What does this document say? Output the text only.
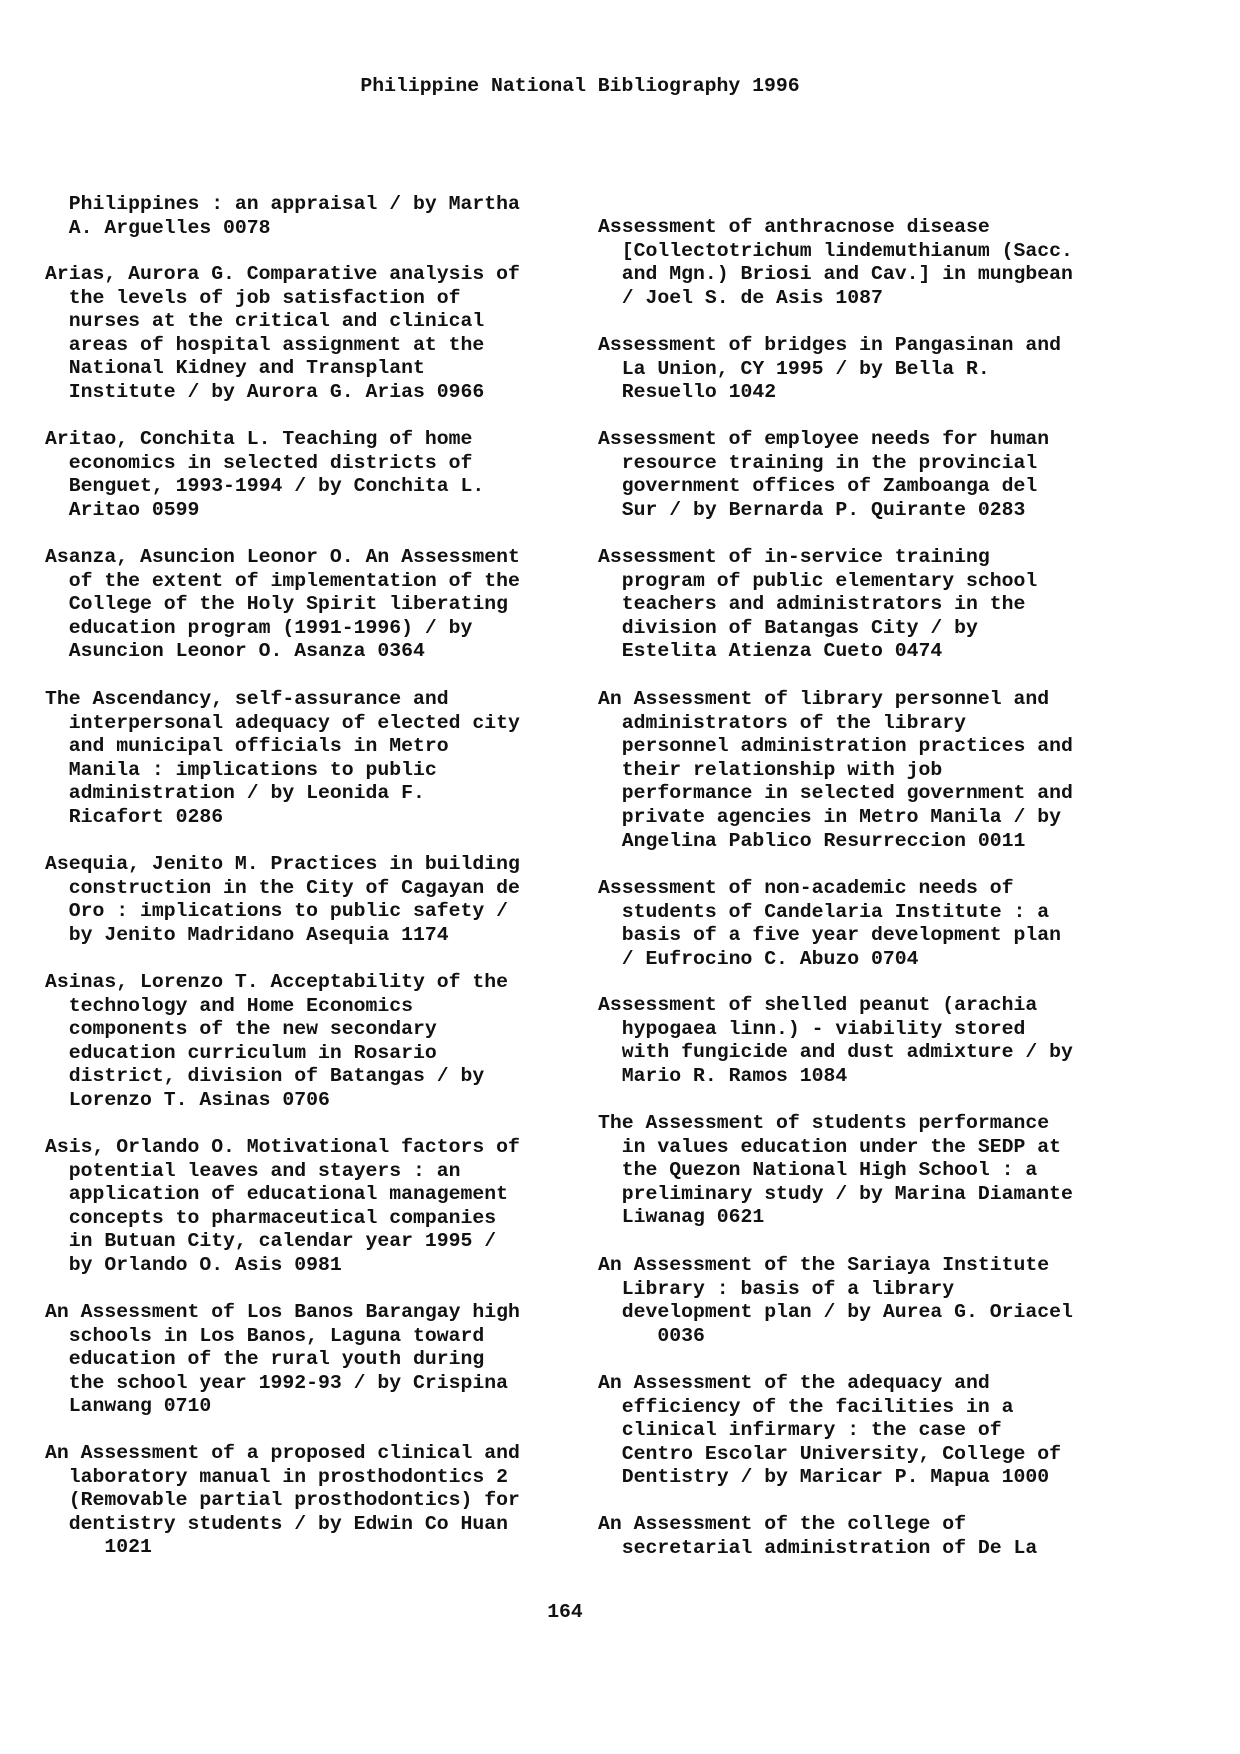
Philippine National Bibliography 1996

Philippines : an appraisal / by Martha
A. Arguelles 0078

Arias, Aurora G. Comparative analysis of
the levels of job satisfaction of
nurses at the critical and clinical
areas of hospital assignment at the
National Kidney and Transplant
Institute / by Aurora G. Arias 0966

Aritao, Conchita L. Teaching of home
economics in selected districts of
Benguet, 1993-1994 / by Conchita L.
Aritao 0599

Asanza, Asuncion Leonor O. An Assessment
of the extent of implementation of the
College of the Holy Spirit liberating
education program (1991-1996) / by
Asuncion Leonor O. Asanza 0364

The Ascendancy, self-assurance and
interpersonal adequacy of elected city
and municipal officials in Metro
Manila : implications to public
administration / by Leonida F.
Ricafort 0286

Asequia, Jenito M. Practices in building
construction in the City of Cagayan de
Oro : implications to public safety /
by Jenito Madridano Asequia 1174

Asinas, Lorenzo T. Acceptability of the
technology and Home Economics
components of the new secondary
education curriculum in Rosario
district, division of Batangas / by
Lorenzo T. Asinas 0706

Asis, Orlando O. Motivational factors of
potential leaves and stayers : an
application of educational management
concepts to pharmaceutical companies
in Butuan City, calendar year 1995 /
by Orlando O. Asis 0981

An Assessment of Los Banos Barangay high
schools in Los Banos, Laguna toward
education of the rural youth during
the school year 1992-93 / by Crispina
Lanwang 0710

An Assessment of a proposed clinical and
laboratory manual in prosthodontics 2
(Removable partial prosthodontics) for
dentistry students / by Edwin Co Huan
1021

Assessment of anthracnose disease
[Collectotrichum lindemuthianum (Sacc.
and Mgn.) Briosi and Cav.] in mungbean
/ Joel S. de Asis 1087

Assessment of bridges in Pangasinan and
La Union, CY 1995 / by Bella R.
Resuello 1042

Assessment of employee needs for human
resource training in the provincial
government offices of Zamboanga del
Sur / by Bernarda P. Quirante 0283

Assessment of in-service training
program of public elementary school
teachers and administrators in the
division of Batangas City / by
Estelita Atienza Cueto 0474

An Assessment of library personnel and
administrators of the library
personnel administration practices and
their relationship with job
performance in selected government and
private agencies in Metro Manila / by
Angelina Pablico Resurreccion 0011

Assessment of non-academic needs of
students of Candelaria Institute : a
basis of a five year development plan
/ Eufrocino C. Abuzo 0704

Assessment of shelled peanut (arachia
hypogaea linn.) - viability stored
with fungicide and dust admixture / by
Mario R. Ramos 1084

The Assessment of students performance
in values education under the SEDP at
the Quezon National High School : a
preliminary study / by Marina Diamante
Liwanag 0621

An Assessment of the Sariaya Institute
Library : basis of a library
development plan / by Aurea G. Oriacel
0036

An Assessment of the adequacy and
efficiency of the facilities in a
clinical infirmary : the case of
Centro Escolar University, College of
Dentistry / by Maricar P. Mapua 1000

An Assessment of the college of
secretarial administration of De La

164
